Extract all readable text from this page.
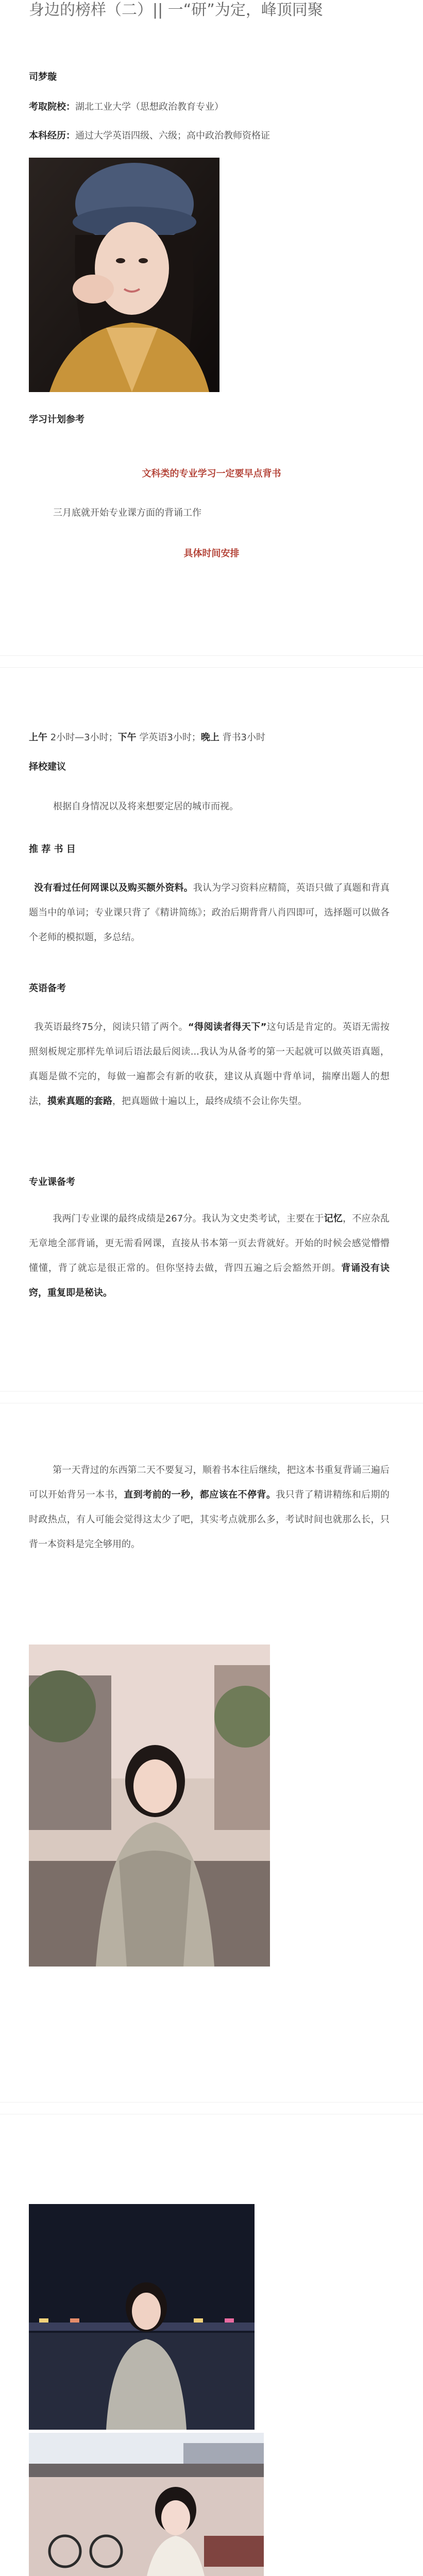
身边的榜样（二）|| 一“研”为定，峰顶同聚
司梦璇
考取院校：湖北工业大学（思想政治教育专业）
本科经历：通过大学英语四级、六级；高中政治教师资格证
学习计划参考
文科类的专业学习一定要早点背书
三月底就开始专业课方面的背诵工作
具体时间安排
上午 2小时—3小时；下午 学英语3小时；晚上 背书3小时
择校建议
根据自身情况以及将来想要定居的城市而视。
推 荐 书 目
没有看过任何网课以及购买额外资料。我认为学习资料应精简，英语只做了真题和背真题当中的单词；专业课只背了《精讲简练》；政治后期背背八肖四即可，选择题可以做各个老师的模拟题，多总结。
英语备考
我英语最终75分，阅读只错了两个。“得阅读者得天下”这句话是肯定的。英语无需按照刻板规定那样先单词后语法最后阅读...我认为从备考的第一天起就可以做英语真题，真题是做不完的，每做一遍都会有新的收获，建议从真题中背单词，揣摩出题人的想法，摸索真题的套路，把真题做十遍以上，最终成绩不会让你失望。
专业课备考
我两门专业课的最终成绩是267分。我认为文史类考试，主要在于记忆，不应杂乱无章地全部背诵，更无需看网课，直接从书本第一页去背就好。开始的时候会感觉懵懵懂懂，背了就忘是很正常的。但你坚持去做，背四五遍之后会豁然开朗。背诵没有诀窍，重复即是秘诀。
第一天背过的东西第二天不要复习，顺着书本往后继续，把这本书重复背诵三遍后可以开始背另一本书，直到考前的一秒，都应该在不停背。我只背了精讲精练和后期的时政热点，有人可能会觉得这太少了吧，其实考点就那么多，考试时间也就那么长，只背一本资料是完全够用的。
